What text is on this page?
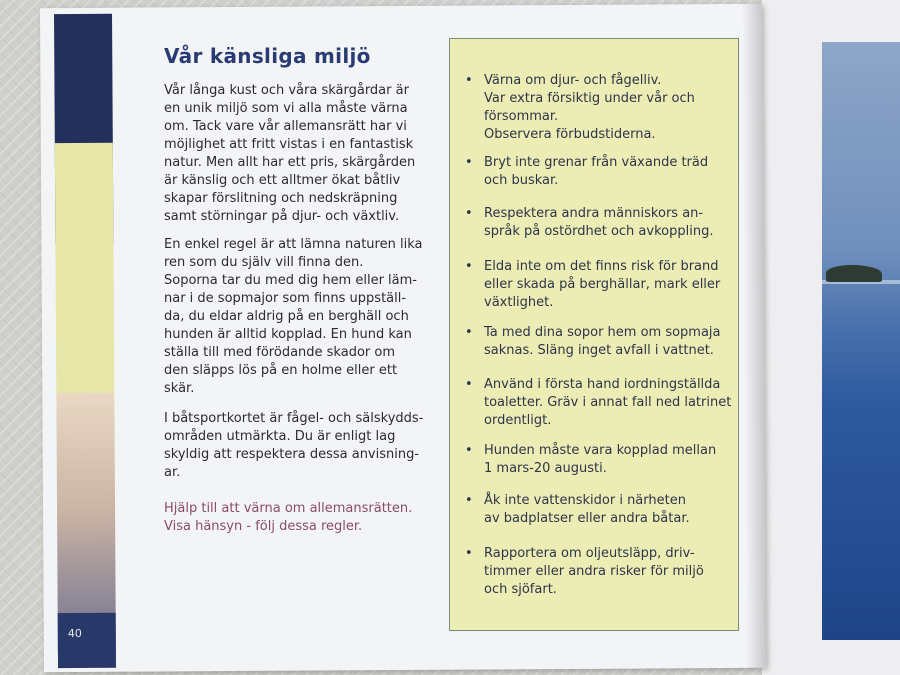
40
Vår känsliga miljö

Vår långa kust och våra skärgårdar är
en unik miljö som vi alla måste värna
om. Tack vare vår allemansrätt har vi
möjlighet att fritt vistas i en fantastisk
natur. Men allt har ett pris, skärgården
är känslig och ett alltmer ökat båtliv
skapar förslitning och nedskräpning
samt störningar på djur- och växtliv.

En enkel regel är att lämna naturen lika
ren som du själv vill finna den.
Soporna tar du med dig hem eller läm-
nar i de sopmajor som finns uppställ-
da, du eldar aldrig på en berghäll och
hunden är alltid kopplad. En hund kan
ställa till med förödande skador om
den släpps lös på en holme eller ett
skär.

I båtsportkortet är fågel- och sälskydds-
områden utmärkta. Du är enligt lag
skyldig att respektera dessa anvisning-
ar.

Hjälp till att värna om allemansrätten.
Visa hänsyn - följ dessa regler.

• Värna om djur- och fågelliv.
Var extra försiktig under vår och
försommar.
Observera förbudstiderna.
• Bryt inte grenar från växande träd
och buskar.
• Respektera andra människors an-
språk på ostördhet och avkoppling.
• Elda inte om det finns risk för brand
eller skada på berghällar, mark eller
växtlighet.
• Ta med dina sopor hem om sopmaja
saknas. Släng inget avfall i vattnet.
• Använd i första hand iordningställda
toaletter. Gräv i annat fall ned latrinet
ordentligt.
• Hunden måste vara kopplad mellan
1 mars-20 augusti.
• Åk inte vattenskidor i närheten
av badplatser eller andra båtar.
• Rapportera om oljeutsläpp, driv-
timmer eller andra risker för miljö
och sjöfart.
